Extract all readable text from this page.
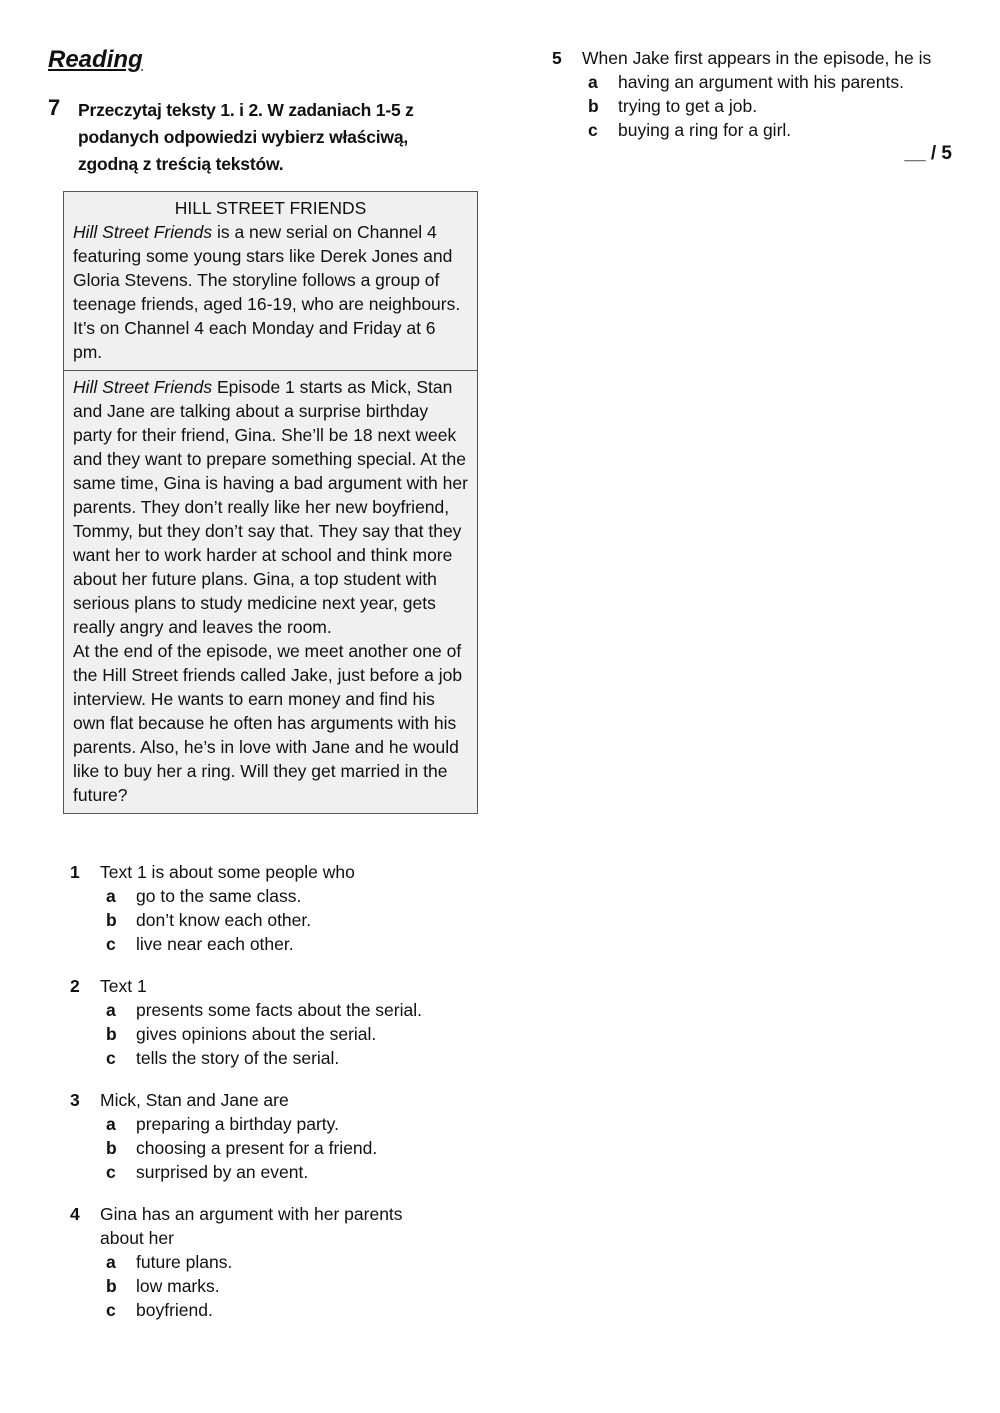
Reading
7 Przeczytaj teksty 1. i 2. W zadaniach 1-5 z podanych odpowiedzi wybierz właściwą, zgodną z treścią tekstów.
HILL STREET FRIENDS

Hill Street Friends is a new serial on Channel 4 featuring some young stars like Derek Jones and Gloria Stevens. The storyline follows a group of teenage friends, aged 16-19, who are neighbours. It’s on Channel 4 each Monday and Friday at 6 pm.

Hill Street Friends Episode 1 starts as Mick, Stan and Jane are talking about a surprise birthday party for their friend, Gina. She’ll be 18 next week and they want to prepare something special. At the same time, Gina is having a bad argument with her parents. They don’t really like her new boyfriend, Tommy, but they don’t say that. They say that they want her to work harder at school and think more about her future plans. Gina, a top student with serious plans to study medicine next year, gets really angry and leaves the room.

At the end of the episode, we meet another one of the Hill Street friends called Jake, just before a job interview. He wants to earn money and find his own flat because he often has arguments with his parents. Also, he’s in love with Jane and he would like to buy her a ring. Will they get married in the future?

1 Text 1 is about some people who
a go to the same class.
b don’t know each other.
c live near each other.
2 Text 1
a presents some facts about the serial.
b gives opinions about the serial.
c tells the story of the serial.
3 Mick, Stan and Jane are
a preparing a birthday party.
b choosing a present for a friend.
c surprised by an event.
4 Gina has an argument with her parents about her
a future plans.
b low marks.
c boyfriend.
5 When Jake first appears in the episode, he is
a having an argument with his parents.
b trying to get a job.
c buying a ring for a girl.
__ / 5
